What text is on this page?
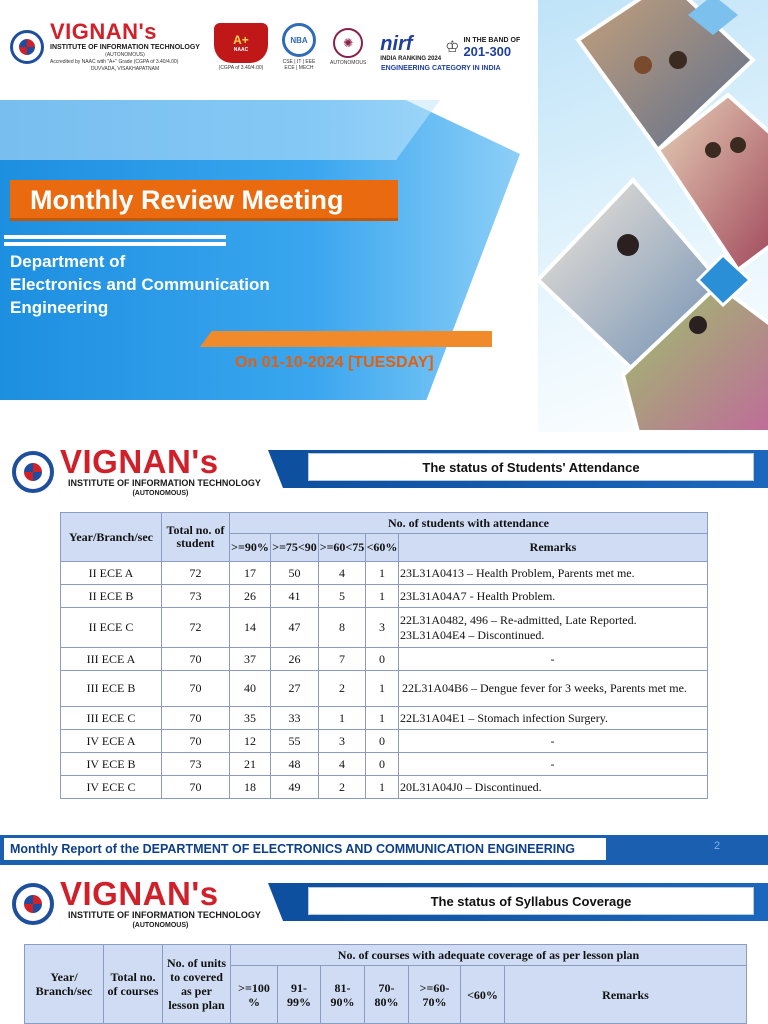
VIGNAN's
INSTITUTE OF INFORMATION TECHNOLOGY
(AUTONOMOUS)
Accredited by NAAC with "A+" Grade (CGPA of 3.40/4.00)
DUVVADA, VISAKHAPATNAM
A+
NAAC
(CGPA of 3.40/4.00)
NBA
CSE | IT | EEE
ECE | MECH
✺
AUTONOMOUS
nirf
INDIA RANKING 2024
♔ IN THE BAND OF
201-300
ENGINEERING CATEGORY IN INDIA
Monthly Review Meeting
Department of
Electronics and Communication
Engineering
On 01-10-2024 [TUESDAY]
VIGNAN's
INSTITUTE OF INFORMATION TECHNOLOGY
(AUTONOMOUS)
The status of Students' Attendance
Year/Branch/sec	Total no. of student	No. of students with attendance				
		>=90%	>=75<90	>=60<75	<60%	Remarks
II ECE A	72	17	50	4	1	23L31A0413 – Health Problem, Parents met me.

II ECE B	73	26	41	5	1	23L31A04A7 - Health Problem.

II ECE C	72	14	47	8	3	22L31A0482, 496 – Re-admitted, Late Reported.
23L31A04E4 – Discontinued.

III ECE A	70	37	26	7	0	-

III ECE B	70	40	27	2	1	22L31A04B6 – Dengue fever for 3 weeks, Parents met me.

III ECE C	70	35	33	1	1	22L31A04E1 – Stomach infection Surgery.

IV ECE A	70	12	55	3	0	-

IV ECE B	73	21	48	4	0	-

IV ECE C	70	18	49	2	1	20L31A04J0 – Discontinued.
Monthly Report of the DEPARTMENT OF ELECTRONICS AND COMMUNICATION ENGINEERING	2
VIGNAN's
INSTITUTE OF INFORMATION TECHNOLOGY
(AUTONOMOUS)
The status of Syllabus Coverage
Year/ Branch/sec	Total no. of courses	No. of units to covered as per lesson plan	No. of courses with adequate coverage of as per lesson plan						
			>=100 %	91-99%	81-90%	70-80%	>=60-70%	<60%	Remarks
